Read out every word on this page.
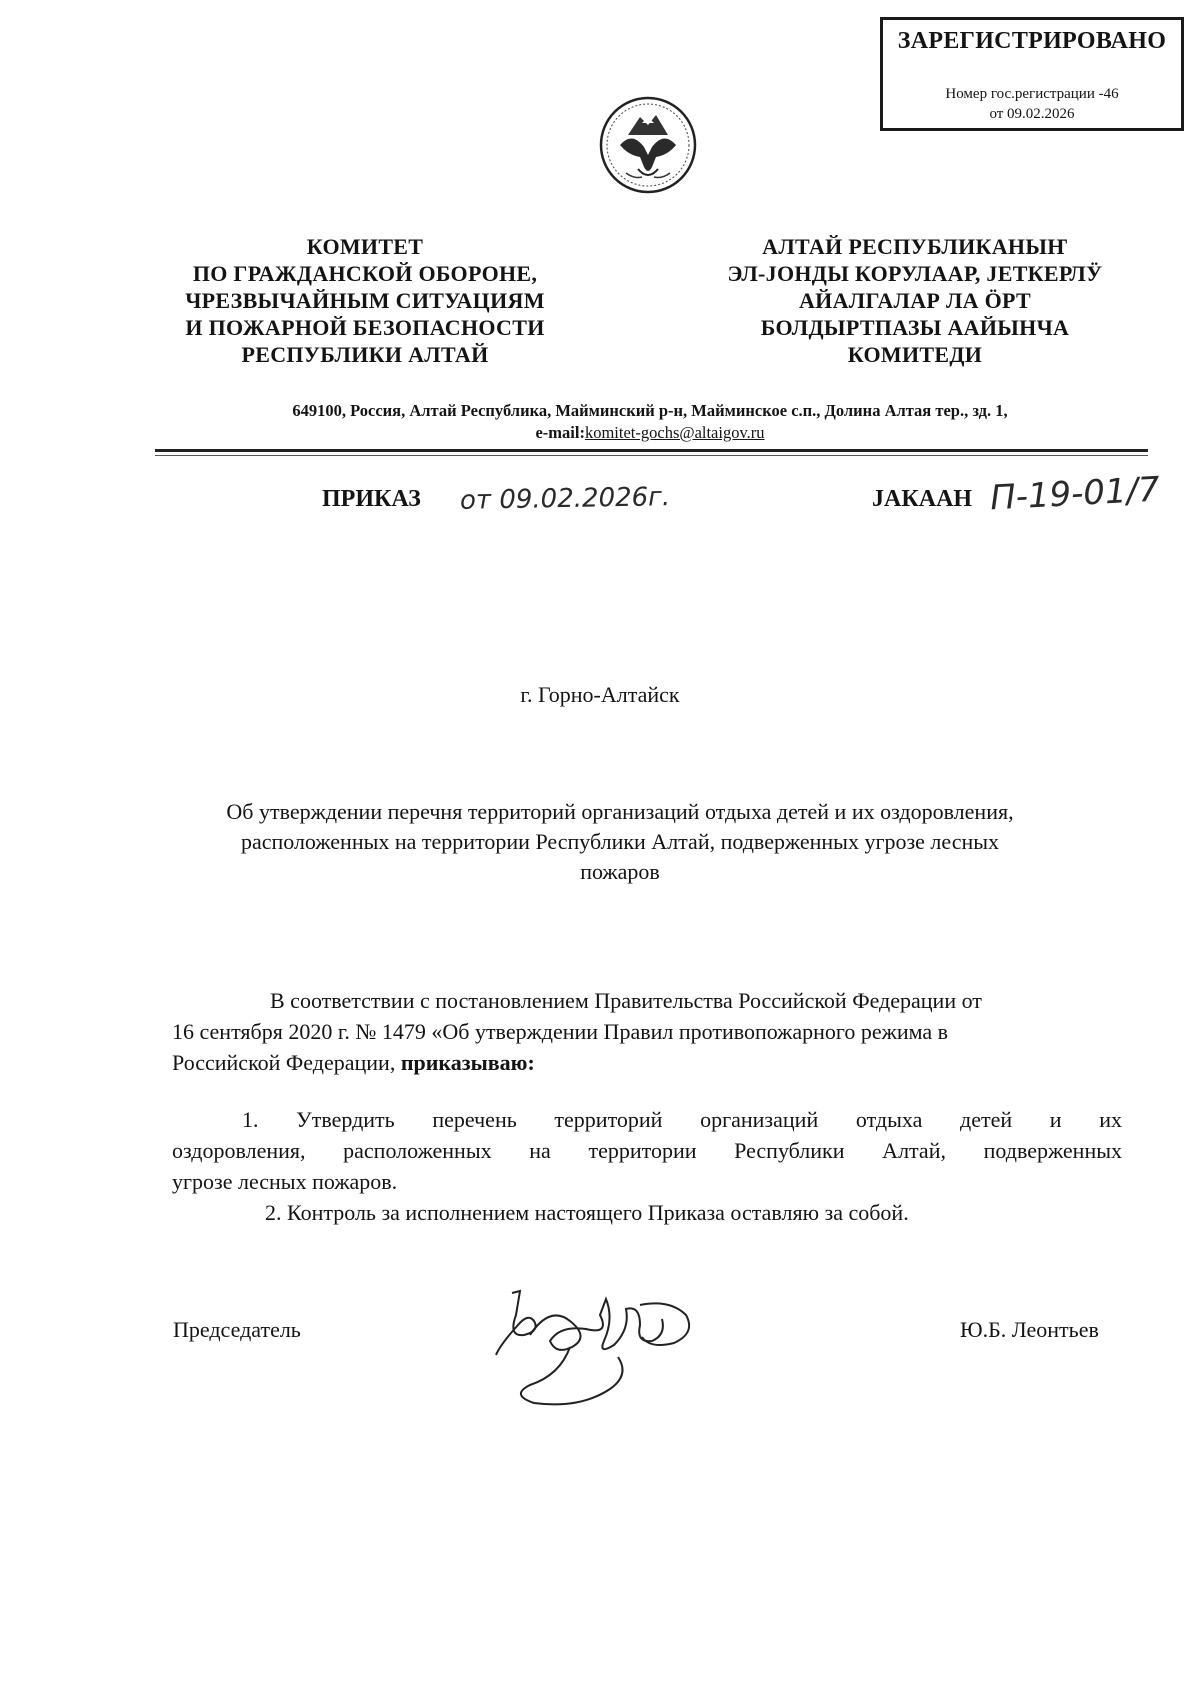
ЗАРЕГИСТРИРОВАНО
Номер гос.регистрации -46
от 09.02.2026
КОМИТЕТ
ПО ГРАЖДАНСКОЙ ОБОРОНЕ,
ЧРЕЗВЫЧАЙНЫМ СИТУАЦИЯМ
И ПОЖАРНОЙ БЕЗОПАСНОСТИ
РЕСПУБЛИКИ АЛТАЙ
АЛТАЙ РЕСПУБЛИКАНЫҤ
ЭЛ-ЈОНДЫ КОРУЛААР, ЈЕТКЕРЛӰ
АЙАЛГАЛАР ЛА ӦРТ
БОЛДЫРТПАЗЫ ААЙЫНЧА
КОМИТЕДИ
649100, Россия, Алтай Республика, Майминский р-н, Майминское с.п., Долина Алтая тер., зд. 1,
e-mail:komitet-gochs@altaigov.ru
ПРИКАЗ от 09.02.2026г.	ЈАКААН П-19-01/7
г. Горно-Алтайск
Об утверждении перечня территорий организаций отдыха детей и их оздоровления,
расположенных на территории Республики Алтай, подверженных угрозе лесных
пожаров
В соответствии с постановлением Правительства Российской Федерации от
16 сентября 2020 г. № 1479 «Об утверждении Правил противопожарного режима в
Российской Федерации, приказываю:
1. Утвердить перечень территорий организаций отдыха детей и их
оздоровления, расположенных на территории Республики Алтай, подверженных
угрозе лесных пожаров.
2. Контроль за исполнением настоящего Приказа оставляю за собой.
Председатель	Ю.Б. Леонтьев
